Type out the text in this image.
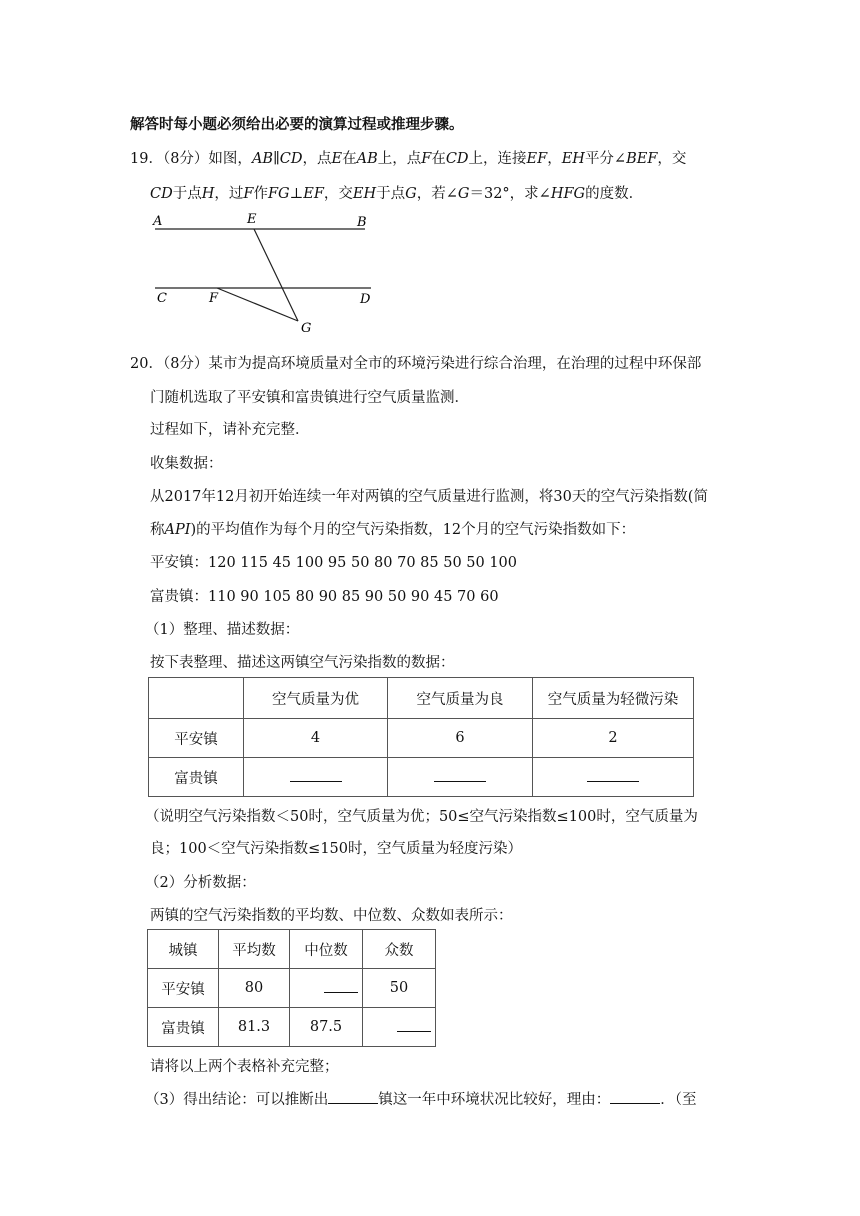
解答时每小题必须给出必要的演算过程或推理步骤。
19．（8分）如图，AB∥CD，点E在AB上，点F在CD上，连接EF，EH平分∠BEF，交
CD于点H，过F作FG⊥EF，交EH于点G，若∠G＝32°，求∠HFG的度数．
A	E	B
C	F	D
G
20．（8分）某市为提高环境质量对全市的环境污染进行综合治理，在治理的过程中环保部
门随机选取了平安镇和富贵镇进行空气质量监测．
过程如下，请补充完整．
收集数据：
从2017年12月初开始连续一年对两镇的空气质量进行监测，将30天的空气污染指数(简
称API)的平均值作为每个月的空气污染指数，12个月的空气污染指数如下：
平安镇：120 115 45 100 95 50 80 70 85 50 50 100
富贵镇：110 90 105 80 90 85 90 50 90 45 70 60
（1）整理、描述数据：
按下表整理、描述这两镇空气污染指数的数据：
	空气质量为优	空气质量为良	空气质量为轻微污染
平安镇	4	6	2
富贵镇			
（说明空气污染指数＜50时，空气质量为优；50≤空气污染指数≤100时，空气质量为
良；100＜空气污染指数≤150时，空气质量为轻度污染）
（2）分析数据：
两镇的空气污染指数的平均数、中位数、众数如表所示：
城镇	平均数	中位数	众数
平安镇	80		50
富贵镇	81.3	87.5	
请将以上两个表格补充完整；
（3）得出结论：可以推断出	镇这一年中环境状况比较好，理由：	．（至
